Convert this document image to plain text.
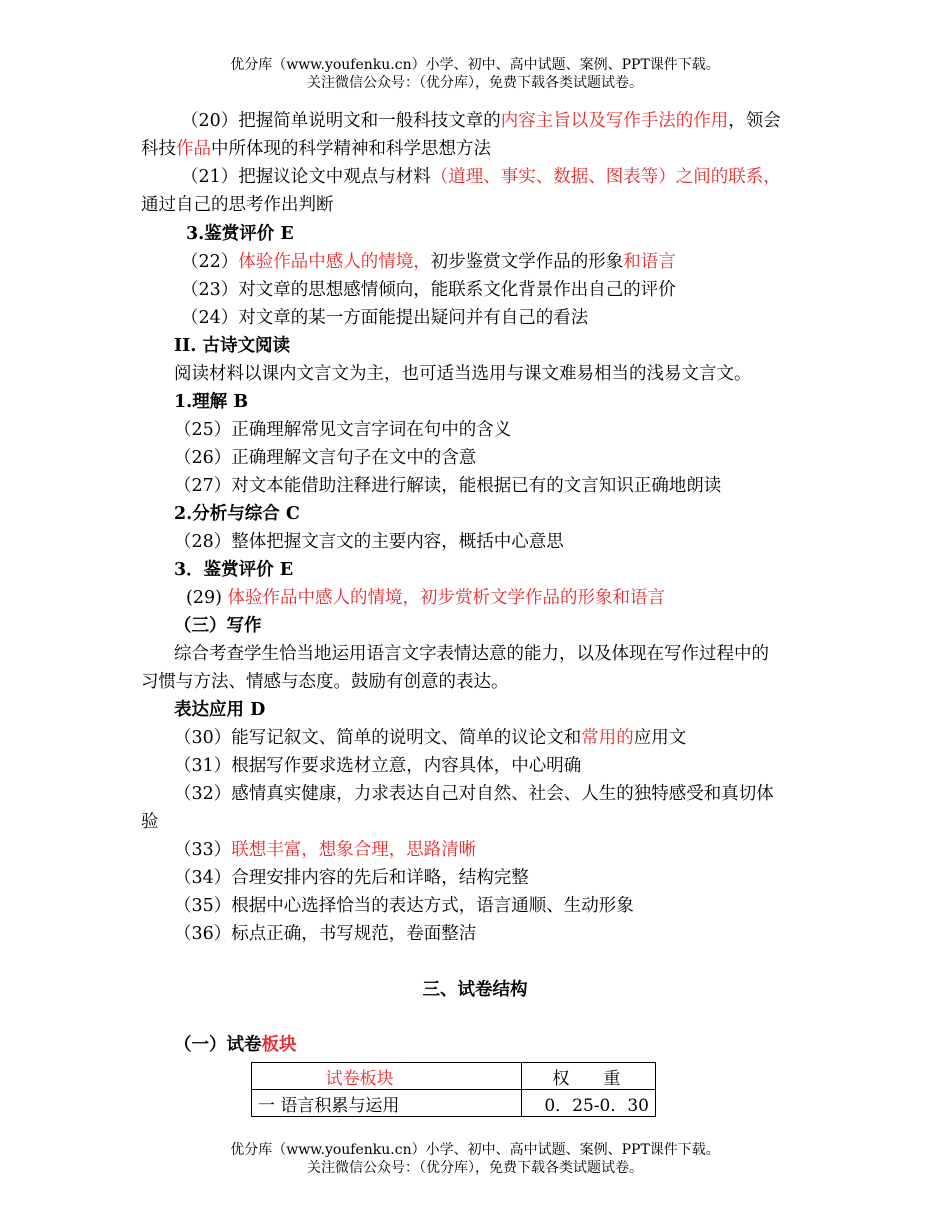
优分库（www.youfenku.cn）小学、初中、高中试题、案例、PPT课件下载。
关注微信公众号：（优分库），免费下载各类试题试卷。
（20）把握简单说明文和一般科技文章的内容主旨以及写作手法的作用，领会
科技作品中所体现的科学精神和科学思想方法
（21）把握议论文中观点与材料（道理、事实、数据、图表等）之间的联系，
通过自己的思考作出判断
3.鉴赏评价 E
（22）体验作品中感人的情境，初步鉴赏文学作品的形象和语言
（23）对文章的思想感情倾向，能联系文化背景作出自己的评价
（24）对文章的某一方面能提出疑问并有自己的看法
II. 古诗文阅读
阅读材料以课内文言文为主，也可适当选用与课文难易相当的浅易文言文。
1.理解 B
（25）正确理解常见文言字词在句中的含义
（26）正确理解文言句子在文中的含意
（27）对文本能借助注释进行解读，能根据已有的文言知识正确地朗读
2.分析与综合 C
（28）整体把握文言文的主要内容，概括中心意思
3．鉴赏评价 E
(29) 体验作品中感人的情境，初步赏析文学作品的形象和语言
（三）写作
综合考查学生恰当地运用语言文字表情达意的能力，以及体现在写作过程中的
习惯与方法、情感与态度。鼓励有创意的表达。
表达应用 D
（30）能写记叙文、简单的说明文、简单的议论文和常用的应用文
（31）根据写作要求选材立意，内容具体，中心明确
（32）感情真实健康，力求表达自己对自然、社会、人生的独特感受和真切体
验
（33）联想丰富，想象合理，思路清晰
（34）合理安排内容的先后和详略，结构完整
（35）根据中心选择恰当的表达方式，语言通顺、生动形象
（36）标点正确，书写规范，卷面整洁
三、试卷结构
（一）试卷板块
试卷板块	权　　重
一 语言积累与运用	0．25-0．30
优分库（www.youfenku.cn）小学、初中、高中试题、案例、PPT课件下载。
关注微信公众号：（优分库），免费下载各类试题试卷。
